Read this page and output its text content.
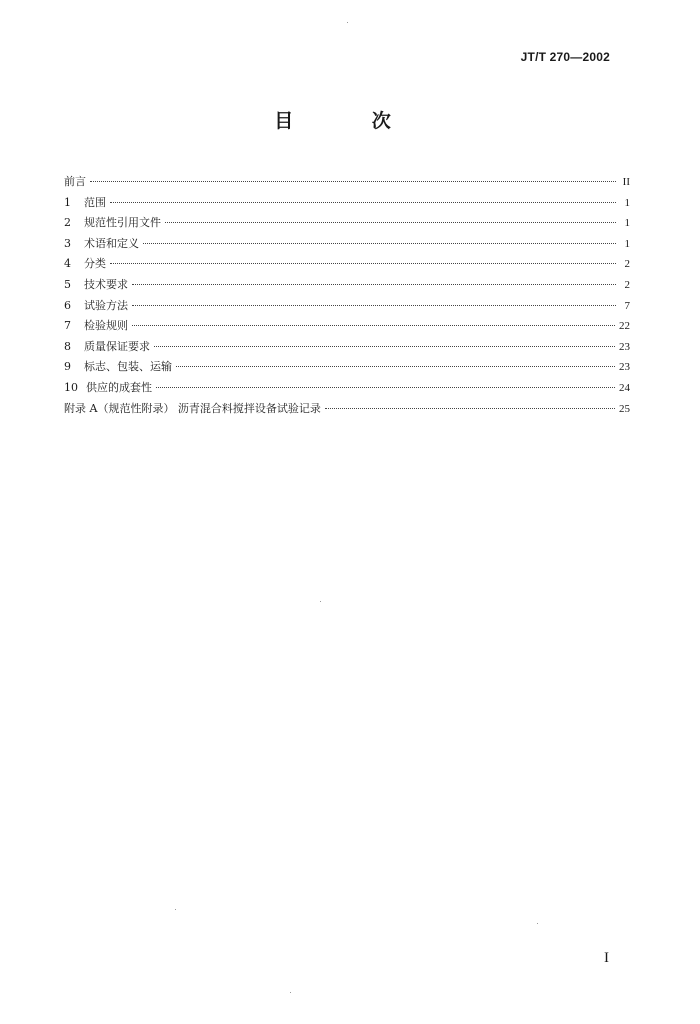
JT/T 270—2002
目 次
前言	II
1	范围	1
2	规范性引用文件	1
3	术语和定义	1
4	分类	2
5	技术要求	2
6	试验方法	7
7	检验规则	22
8	质量保证要求	23
9	标志、包装、运输	23
10 供应的成套性	24
附录 A（规范性附录） 沥青混合料搅拌设备试验记录	25
I
